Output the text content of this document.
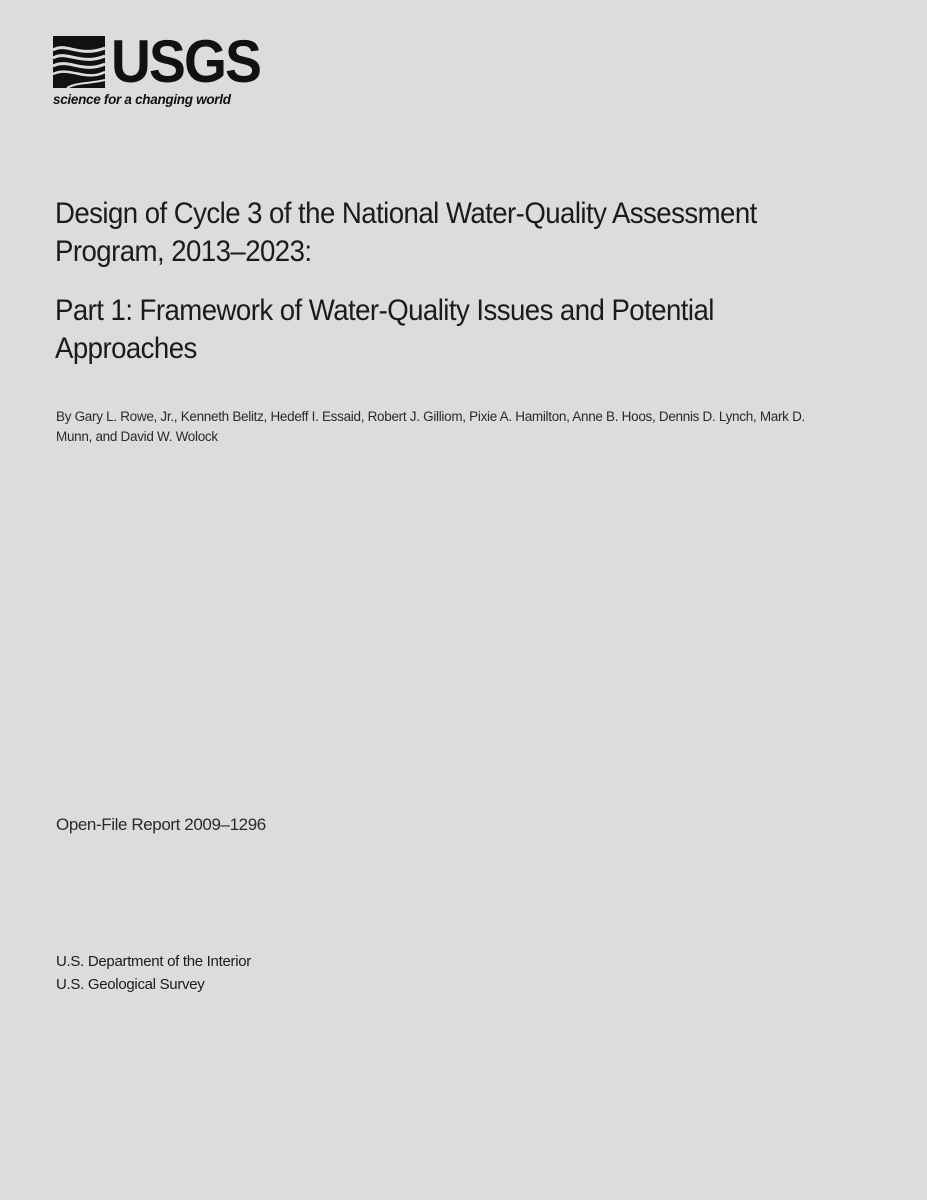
USGS
science for a changing world
Design of Cycle 3 of the National Water-Quality Assessment Program, 2013–2023:
Part 1: Framework of Water-Quality Issues and Potential Approaches

By Gary L. Rowe, Jr., Kenneth Belitz, Hedeff I. Essaid, Robert J. Gilliom, Pixie A. Hamilton, Anne B. Hoos, Dennis D. Lynch, Mark D. Munn, and David W. Wolock

Open-File Report 2009–1296

U.S. Department of the Interior
U.S. Geological Survey
